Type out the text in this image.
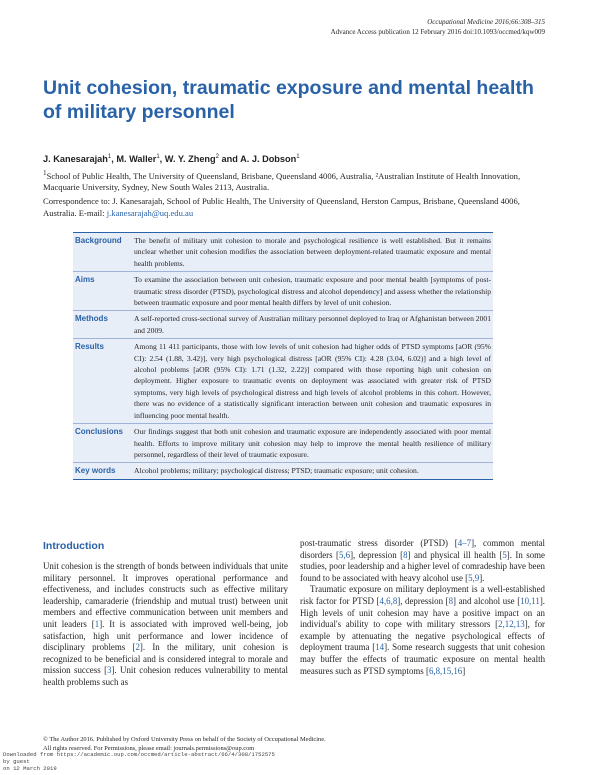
Occupational Medicine 2016;66:308–315
Advance Access publication 12 February 2016 doi:10.1093/occmed/kqw009
Unit cohesion, traumatic exposure and mental health of military personnel
J. Kanesarajah$^1$, M. Waller$^1$, W. Y. Zheng$^2$ and A. J. Dobson$^1$
$^1$School of Public Health, The University of Queensland, Brisbane, Queensland 4006, Australia, ²Australian Institute of Health Innovation, Macquarie University, Sydney, New South Wales 2113, Australia.
Correspondence to: J. Kanesarajah, School of Public Health, The University of Queensland, Herston Campus, Brisbane, Queensland 4006, Australia. E-mail: j.kanesarajah@uq.edu.au
Background	The benefit of military unit cohesion to morale and psychological resilience is well established. But it remains unclear whether unit cohesion modifies the association between deployment-related traumatic exposure and mental health problems.
Aims	To examine the association between unit cohesion, traumatic exposure and poor mental health [symptoms of post-traumatic stress disorder (PTSD), psychological distress and alcohol dependency] and assess whether the relationship between traumatic exposure and poor mental health differs by level of unit cohesion.
Methods	A self-reported cross-sectional survey of Australian military personnel deployed to Iraq or Afghanistan between 2001 and 2009.
Results	Among 11 411 participants, those with low levels of unit cohesion had higher odds of PTSD symptoms [aOR (95% CI): 2.54 (1.88, 3.42)], very high psychological distress [aOR (95% CI): 4.28 (3.04, 6.02)] and a high level of alcohol problems [aOR (95% CI): 1.71 (1.32, 2.22)] compared with those reporting high unit cohesion on deployment. Higher exposure to traumatic events on deployment was associated with greater risk of PTSD symptoms, very high levels of psychological distress and high levels of alcohol problems in this cohort. However, there was no evidence of a statistically significant interaction between unit cohesion and traumatic exposures in influencing poor mental health.
Conclusions	Our findings suggest that both unit cohesion and traumatic exposure are independently associated with poor mental health. Efforts to improve military unit cohesion may help to improve the mental health resilience of military personnel, regardless of their level of traumatic exposure.
Key words	Alcohol problems; military; psychological distress; PTSD; traumatic exposure; unit cohesion.
Introduction

Unit cohesion is the strength of bonds between individuals that unite military personnel. It improves operational performance and effectiveness, and includes constructs such as effective military leadership, camaraderie (friendship and mutual trust) between unit members and effective communication between unit members and unit leaders [1]. It is associated with improved well-being, job satisfaction, high unit performance and lower incidence of disciplinary problems [2]. In the military, unit cohesion is recognized to be beneficial and is considered integral to morale and mission success [3]. Unit cohesion reduces vulnerability to mental health problems such as

post-traumatic stress disorder (PTSD) [4–7], common mental disorders [5,6], depression [8] and physical ill health [5]. In some studies, poor leadership and a higher level of comradeship have been found to be associated with heavy alcohol use [5,9].

Traumatic exposure on military deployment is a well-established risk factor for PTSD [4,6,8], depression [8] and alcohol use [10,11]. High levels of unit cohesion may have a positive impact on an individual's ability to cope with military stressors [2,12,13], for example by attenuating the negative psychological effects of deployment trauma [14]. Some research suggests that unit cohesion may buffer the effects of traumatic exposure on mental health measures such as PTSD symptoms [6,8,15,16]

© The Author 2016. Published by Oxford University Press on behalf of the Society of Occupational Medicine.
All rights reserved. For Permissions, please email: journals.permissions@oup.com
Downloaded from https://academic.oup.com/occmed/article-abstract/66/4/308/1752575
by guest
on 12 March 2019
